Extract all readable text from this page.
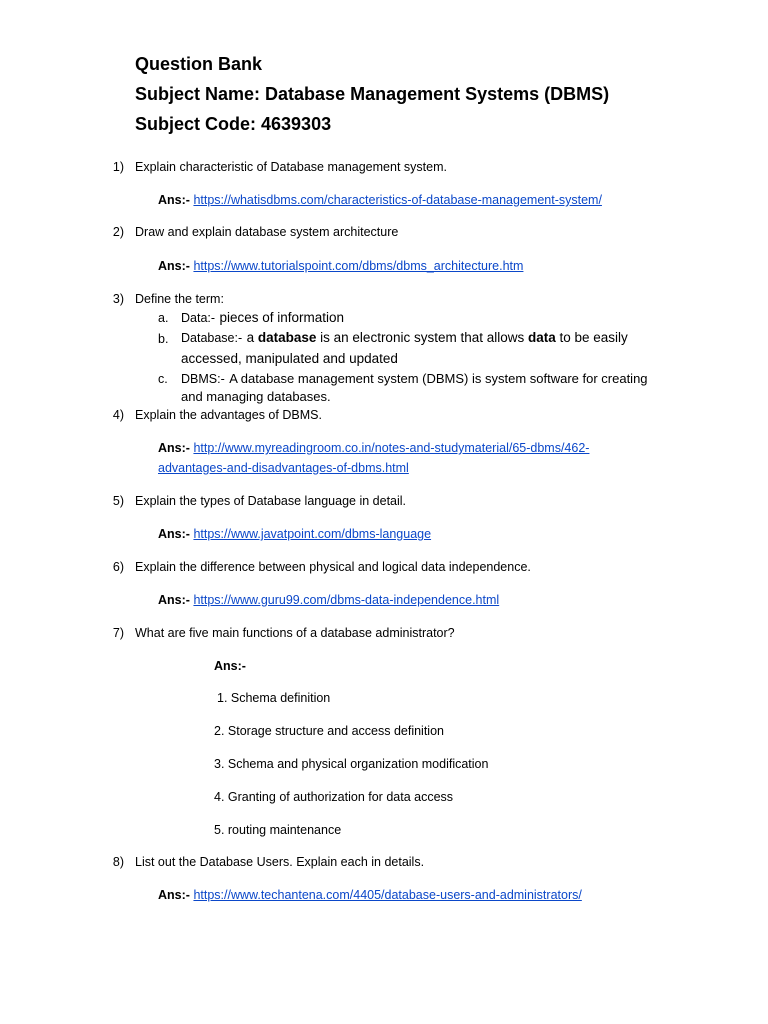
Question Bank
Subject Name: Database Management Systems (DBMS)
Subject Code: 4639303
1) Explain characteristic of Database management system.
Ans:- https://whatisdbms.com/characteristics-of-database-management-system/
2) Draw and explain database system architecture
Ans:- https://www.tutorialspoint.com/dbms/dbms_architecture.htm
3) Define the term:
a. Data:- pieces of information
b. Database:- a database is an electronic system that allows data to be easily
accessed, manipulated and updated
c. DBMS:- A database management system (DBMS) is system software for creating
and managing databases.
4) Explain the advantages of DBMS.
Ans:- http://www.myreadingroom.co.in/notes-and-studymaterial/65-dbms/462-
advantages-and-disadvantages-of-dbms.html
5) Explain the types of Database language in detail.
Ans:- https://www.javatpoint.com/dbms-language
6) Explain the difference between physical and logical data independence.
Ans:- https://www.guru99.com/dbms-data-independence.html
7) What are five main functions of a database administrator?
Ans:-
1. Schema definition
2. Storage structure and access definition
3. Schema and physical organization modification
4. Granting of authorization for data access
5. routing maintenance
8) List out the Database Users. Explain each in details.
Ans:- https://www.techantena.com/4405/database-users-and-administrators/
